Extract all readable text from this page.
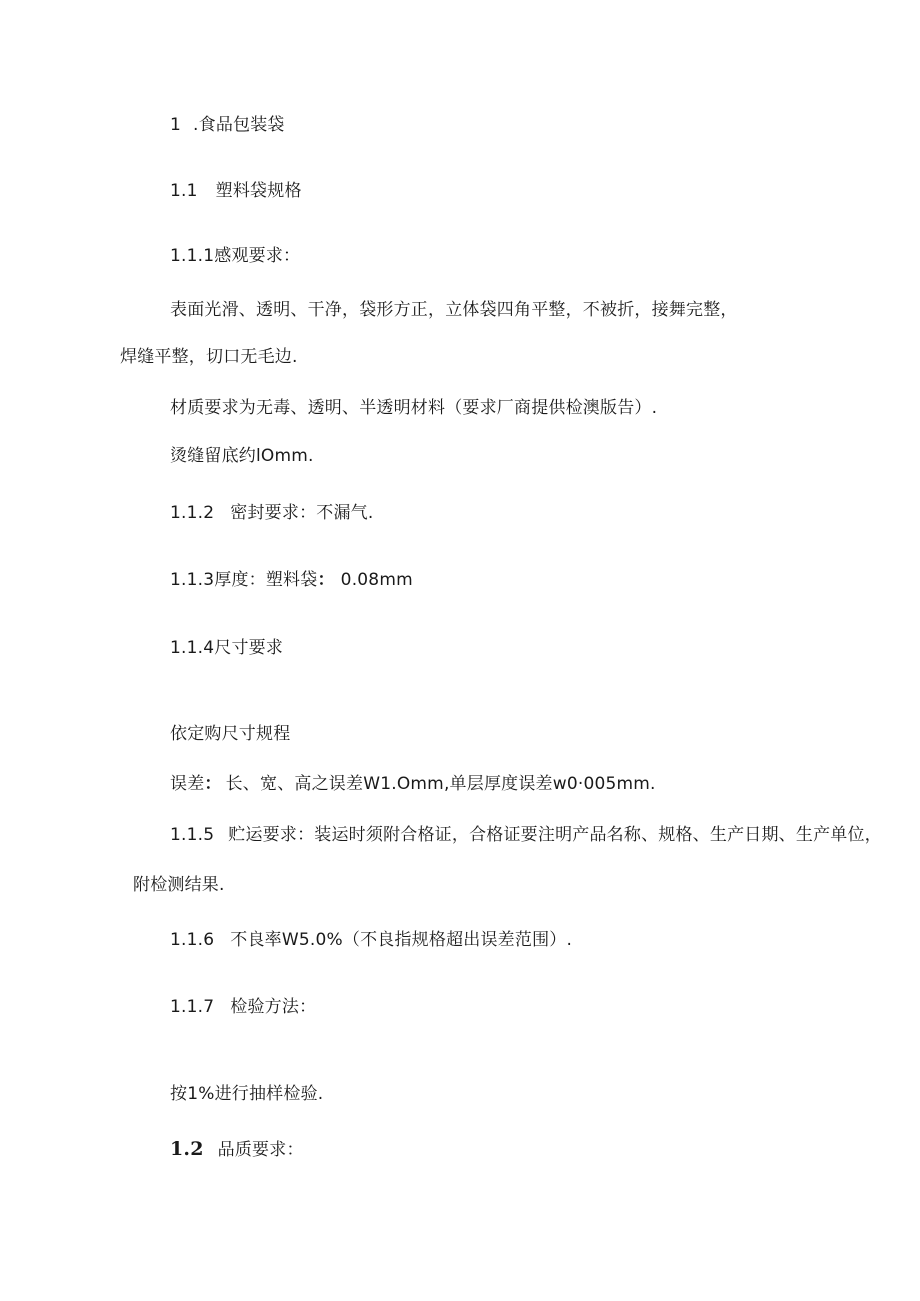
1 .食品包装袋
1.1 塑料袋规格
1.1.1感观要求：
表面光滑、透明、干净，袋形方正，立体袋四角平整，不被折，接舞完整，
焊缝平整，切口无毛边.
材质要求为无毒、透明、半透明材料（要求厂商提供检澳版告）.
烫缝留底约lOmm.
1.1.2 密封要求：不漏气.
1.1.3厚度：塑料袋： 0.08mm
1.1.4尺寸要求
依定购尺寸规程
误差： 长、宽、高之误差W1.Omm,单层厚度误差w0·005mm.
1.1.5 贮运要求：装运时须附合格证，合格证要注明产品名称、规格、生产日期、生产单位，
附检测结果.
1.1.6 不良率W5.0%（不良指规格超出误差范围）.
1.1.7 检验方法：
按1%进行抽样检验.
1.2 品质要求：
